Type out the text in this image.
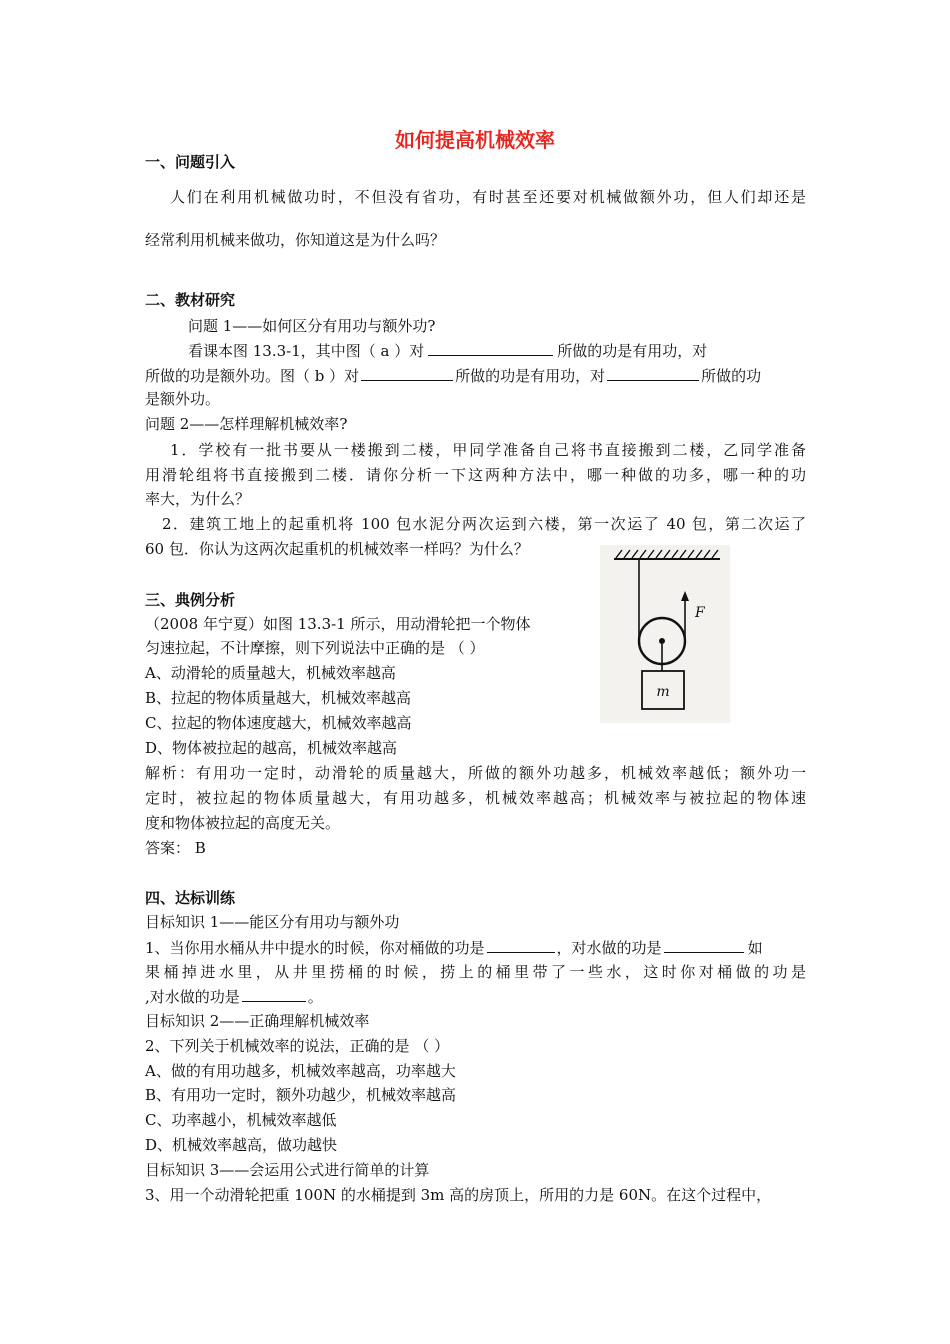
如何提高机械效率
一、问题引入
人们在利用机械做功时，不但没有省功，有时甚至还要对机械做额外功，但人们却还是
经常利用机械来做功，你知道这是为什么吗？
二、教材研究
问题 1——如何区分有用功与额外功?
看课本图 13.3-1，其中图（ a ）对	所做的功是有用功，对
所做的功是额外功。图（ b ）对	所做的功是有用功，对	所做的功
是额外功。
问题 2——怎样理解机械效率?
1．学校有一批书要从一楼搬到二楼，甲同学准备自己将书直接搬到二楼，乙同学准备
用滑轮组将书直接搬到二楼．请你分析一下这两种方法中，哪一种做的功多，哪一种的功
率大，为什么？
2．建筑工地上的起重机将 100 包水泥分两次运到六楼，第一次运了 40 包，第二次运了
60 包．你认为这两次起重机的机械效率一样吗？为什么？
三、典例分析
（2008 年宁夏）如图 13.3-1 所示，用动滑轮把一个物体
匀速拉起，不计摩擦，则下列说法中正确的是 （ ）
A、动滑轮的质量越大，机械效率越高
B、拉起的物体质量越大，机械效率越高
C、拉起的物体速度越大，机械效率越高
D、物体被拉起的越高，机械效率越高
解析：有用功一定时，动滑轮的质量越大，所做的额外功越多，机械效率越低；额外功一
定时，被拉起的物体质量越大，有用功越多，机械效率越高；机械效率与被拉起的物体速
度和物体被拉起的高度无关。
答案： B
F
m
四、达标训练
目标知识 1——能区分有用功与额外功
1、当你用水桶从井中提水的时候，你对桶做的功是	，对水做的功是	如
果桶掉进水里，从井里捞桶的时候，捞上的桶里带了一些水，这时你对桶做的功是
,对水做的功是	。
目标知识 2——正确理解机械效率
2、下列关于机械效率的说法，正确的是 （ ）
A、做的有用功越多，机械效率越高，功率越大
B、有用功一定时，额外功越少，机械效率越高
C、功率越小，机械效率越低
D、机械效率越高，做功越快
目标知识 3——会运用公式进行简单的计算
3、用一个动滑轮把重 100N 的水桶提到 3m 高的房顶上，所用的力是 60N。在这个过程中，
